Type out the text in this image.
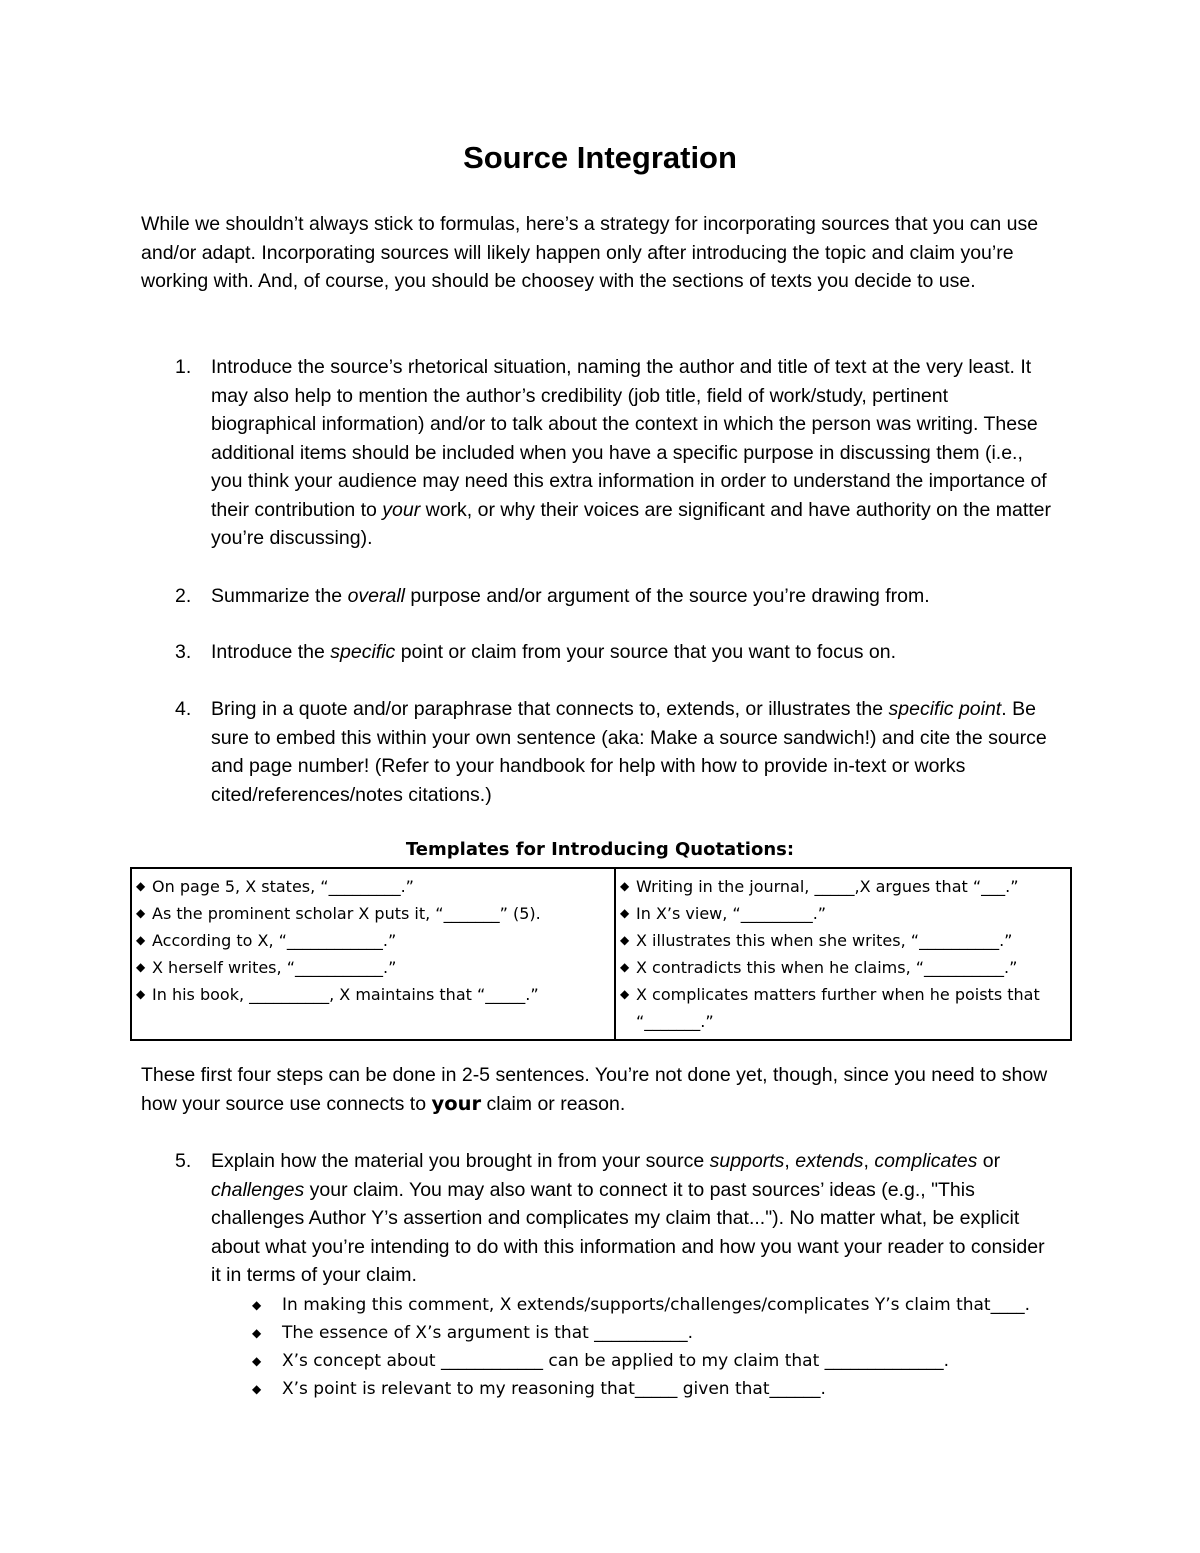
Source Integration

While we shouldn’t always stick to formulas, here’s a strategy for incorporating sources that you can use and/or adapt. Incorporating sources will likely happen only after introducing the topic and claim you’re working with. And, of course, you should be choosey with the sections of texts you decide to use.

1. Introduce the source’s rhetorical situation, naming the author and title of text at the very least. It may also help to mention the author’s credibility (job title, field of work/study, pertinent biographical information) and/or to talk about the context in which the person was writing. These additional items should be included when you have a specific purpose in discussing them (i.e., you think your audience may need this extra information in order to understand the importance of their contribution to your work, or why their voices are significant and have authority on the matter you’re discussing).
2. Summarize the overall purpose and/or argument of the source you’re drawing from.
3. Introduce the specific point or claim from your source that you want to focus on.
4. Bring in a quote and/or paraphrase that connects to, extends, or illustrates the specific point. Be sure to embed this within your own sentence (aka: Make a source sandwich!) and cite the source and page number! (Refer to your handbook for help with how to provide in-text or works cited/references/notes citations.)
Templates for Introducing Quotations:
◆ On page 5, X states, “_________.”
◆ As the prominent scholar X puts it, “_______” (5).
◆ According to X, “____________.”
◆ X herself writes, “___________.”
◆ In his book, __________, X maintains that “_____.”

◆ Writing in the journal, _____,X argues that “___.”
◆ In X’s view, “_________.”
◆ X illustrates this when she writes, “__________.”
◆ X contradicts this when he claims, “__________.”
◆ X complicates matters further when he poists that “_______.”

These first four steps can be done in 2-5 sentences. You’re not done yet, though, since you need to show how your source use connects to your claim or reason.

5. Explain how the material you brought in from your source supports, extends, complicates or challenges your claim. You may also want to connect it to past sources’ ideas (e.g., "This challenges Author Y’s assertion and complicates my claim that..."). No matter what, be explicit about what you’re intending to do with this information and how you want your reader to consider it in terms of your claim.
◆ In making this comment, X extends/supports/challenges/complicates Y’s claim that____.
◆ The essence of X’s argument is that ___________.
◆ X’s concept about ____________ can be applied to my claim that ______________.
◆ X’s point is relevant to my reasoning that_____ given that______.
